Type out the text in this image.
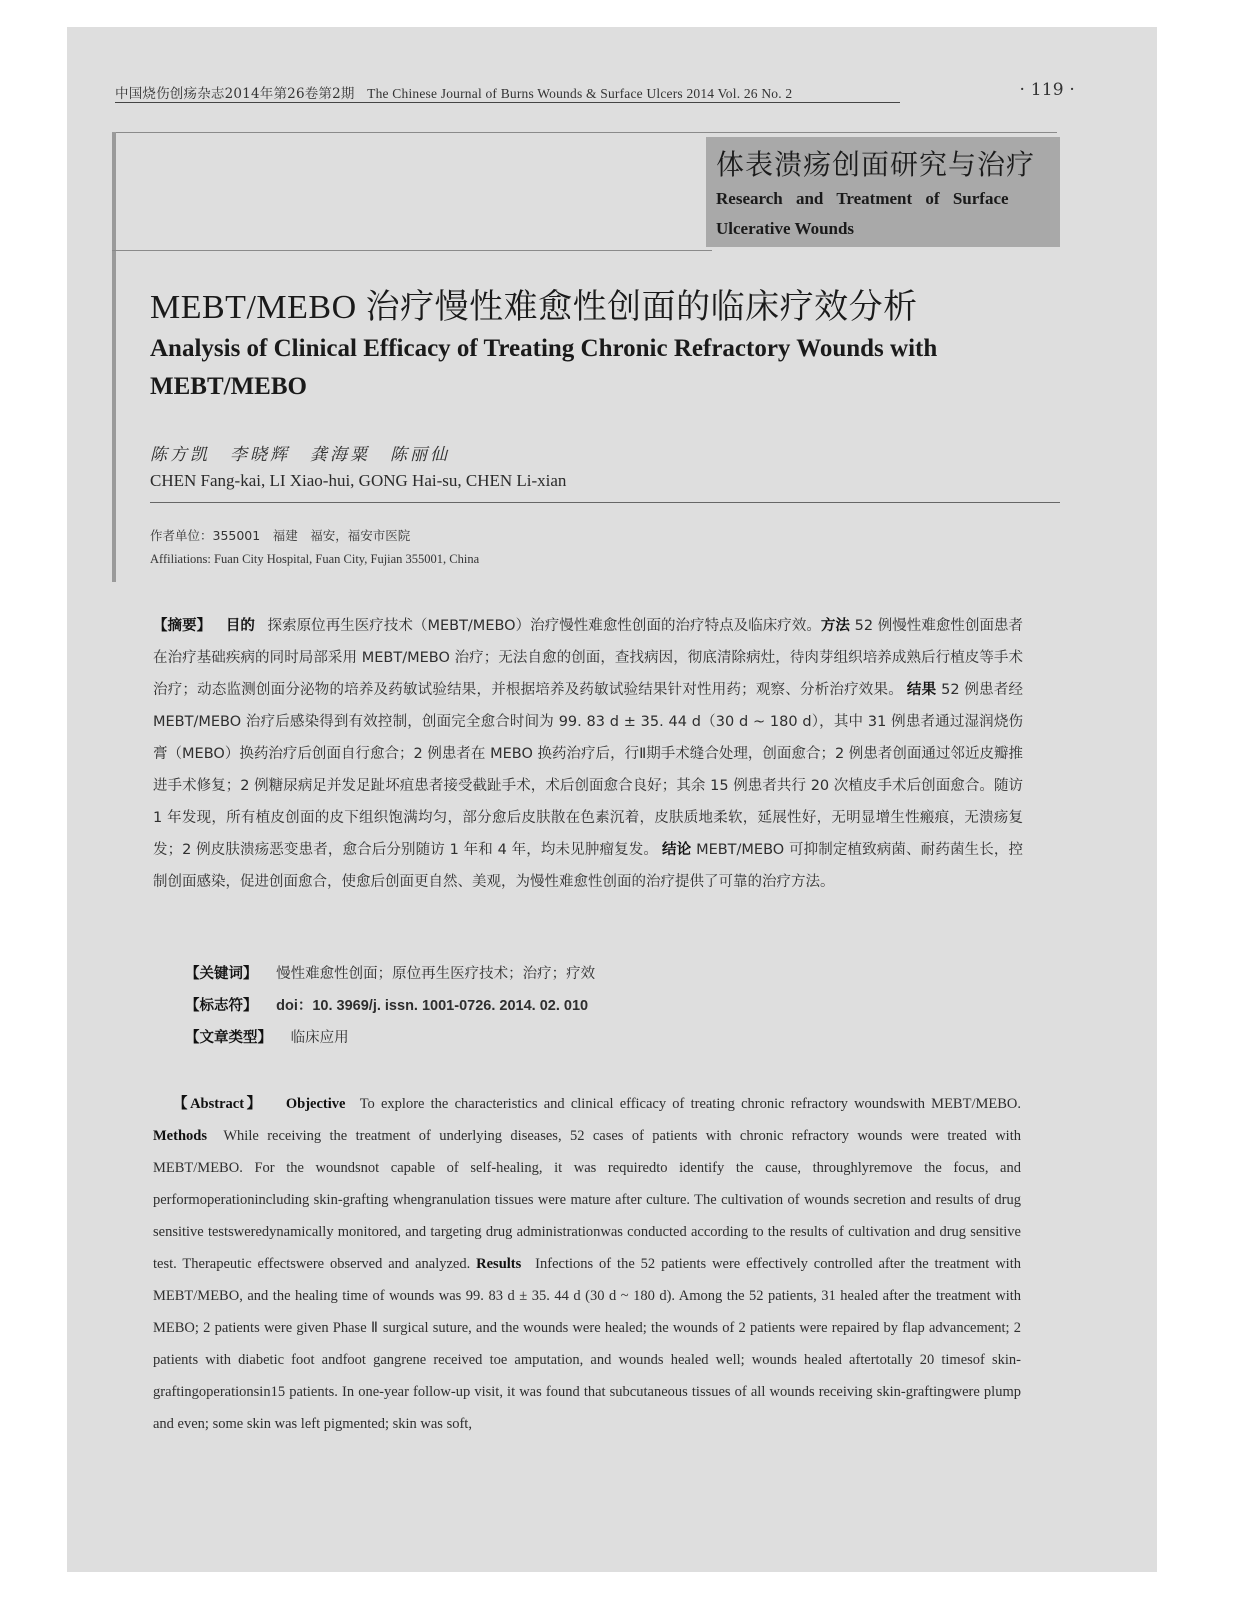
中国烧伤创疡杂志2014年第26卷第2期 The Chinese Journal of Burns Wounds & Surface Ulcers 2014 Vol. 26 No. 2	· 119 ·
体表溃疡创面研究与治疗
Research and Treatment of Surface
Ulcerative Wounds
MEBT/MEBO 治疗慢性难愈性创面的临床疗效分析
Analysis of Clinical Efficacy of Treating Chronic Refractory Wounds with MEBT/MEBO
陈方凯　李晓辉　龚海粟　陈丽仙
CHEN Fang-kai, LI Xiao-hui, GONG Hai-su, CHEN Li-xian
作者单位：355001　福建　福安，福安市医院
Affiliations: Fuan City Hospital, Fuan City, Fujian 355001, China
【摘要】 目的 探索原位再生医疗技术（MEBT/MEBO）治疗慢性难愈性创面的治疗特点及临床疗效。方法 52 例慢性难愈性创面患者在治疗基础疾病的同时局部采用 MEBT/MEBO 治疗；无法自愈的创面，查找病因，彻底清除病灶，待肉芽组织培养成熟后行植皮等手术治疗；动态监测创面分泌物的培养及药敏试验结果，并根据培养及药敏试验结果针对性用药；观察、分析治疗效果。 结果 52 例患者经 MEBT/MEBO 治疗后感染得到有效控制，创面完全愈合时间为 99. 83 d ± 35. 44 d（30 d ~ 180 d），其中 31 例患者通过湿润烧伤膏（MEBO）换药治疗后创面自行愈合；2 例患者在 MEBO 换药治疗后，行Ⅱ期手术缝合处理，创面愈合；2 例患者创面通过邻近皮瓣推进手术修复；2 例糖尿病足并发足趾坏疽患者接受截趾手术，术后创面愈合良好；其余 15 例患者共行 20 次植皮手术后创面愈合。随访 1 年发现，所有植皮创面的皮下组织饱满均匀，部分愈后皮肤散在色素沉着，皮肤质地柔软，延展性好，无明显增生性瘢痕，无溃疡复发；2 例皮肤溃疡恶变患者，愈合后分别随访 1 年和 4 年，均未见肿瘤复发。 结论 MEBT/MEBO 可抑制定植致病菌、耐药菌生长，控制创面感染，促进创面愈合，使愈后创面更自然、美观，为慢性难愈性创面的治疗提供了可靠的治疗方法。
【关键词】 慢性难愈性创面；原位再生医疗技术；治疗；疗效
【标志符】 doi：10. 3969/j. issn. 1001-0726. 2014. 02. 010
【文章类型】 临床应用
【Abstract】 Objective To explore the characteristics and clinical efficacy of treating chronic refractory woundswith MEBT/MEBO. Methods While receiving the treatment of underlying diseases, 52 cases of patients with chronic refractory wounds were treated with MEBT/MEBO. For the woundsnot capable of self-healing, it was requiredto identify the cause, throughlyremove the focus, and performoperationincluding skin-grafting whengranulation tissues were mature after culture. The cultivation of wounds secretion and results of drug sensitive testsweredynamically monitored, and targeting drug administrationwas conducted according to the results of cultivation and drug sensitive test. Therapeutic effectswere observed and analyzed. Results Infections of the 52 patients were effectively controlled after the treatment with MEBT/MEBO, and the healing time of wounds was 99. 83 d ± 35. 44 d (30 d ~ 180 d). Among the 52 patients, 31 healed after the treatment with MEBO; 2 patients were given Phase Ⅱ surgical suture, and the wounds were healed; the wounds of 2 patients were repaired by flap advancement; 2 patients with diabetic foot andfoot gangrene received toe amputation, and wounds healed well; wounds healed aftertotally 20 timesof skin-graftingoperationsin15 patients. In one-year follow-up visit, it was found that subcutaneous tissues of all wounds receiving skin-graftingwere plump and even; some skin was left pigmented; skin was soft,
